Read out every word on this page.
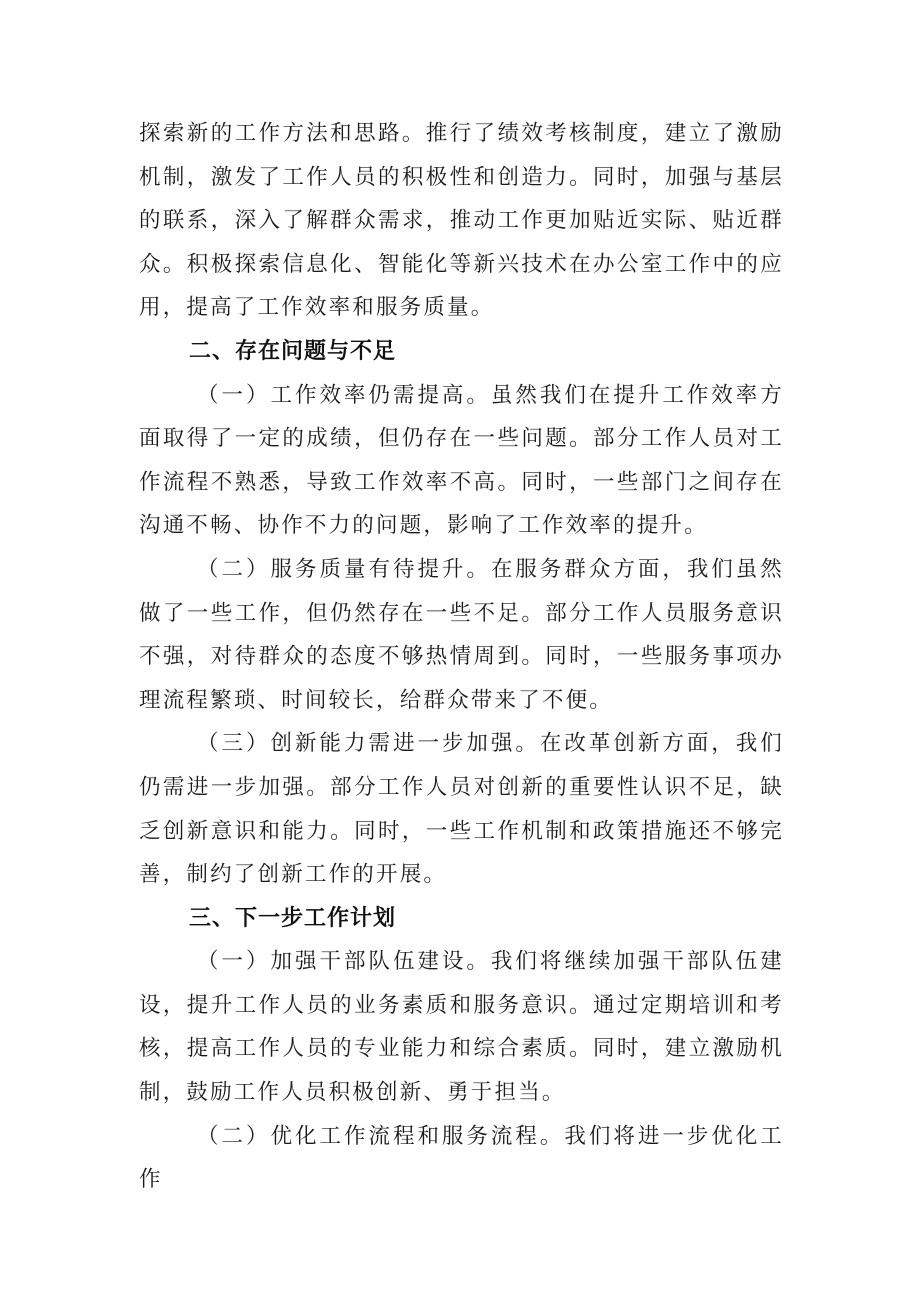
探索新的工作方法和思路。推行了绩效考核制度，建立了激励机制，激发了工作人员的积极性和创造力。同时，加强与基层的联系，深入了解群众需求，推动工作更加贴近实际、贴近群众。积极探索信息化、智能化等新兴技术在办公室工作中的应用，提高了工作效率和服务质量。

二、存在问题与不足

（一）工作效率仍需提高。虽然我们在提升工作效率方面取得了一定的成绩，但仍存在一些问题。部分工作人员对工作流程不熟悉，导致工作效率不高。同时，一些部门之间存在沟通不畅、协作不力的问题，影响了工作效率的提升。

（二）服务质量有待提升。在服务群众方面，我们虽然做了一些工作，但仍然存在一些不足。部分工作人员服务意识不强，对待群众的态度不够热情周到。同时，一些服务事项办理流程繁琐、时间较长，给群众带来了不便。

（三）创新能力需进一步加强。在改革创新方面，我们仍需进一步加强。部分工作人员对创新的重要性认识不足，缺乏创新意识和能力。同时，一些工作机制和政策措施还不够完善，制约了创新工作的开展。

三、下一步工作计划

（一）加强干部队伍建设。我们将继续加强干部队伍建设，提升工作人员的业务素质和服务意识。通过定期培训和考核，提高工作人员的专业能力和综合素质。同时，建立激励机制，鼓励工作人员积极创新、勇于担当。

（二）优化工作流程和服务流程。我们将进一步优化工作
